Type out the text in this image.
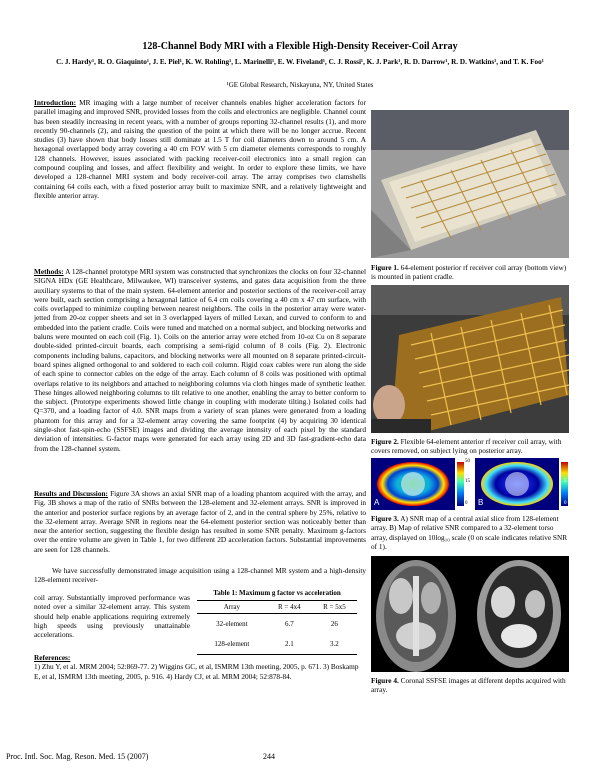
128-Channel Body MRI with a Flexible High-Density Receiver-Coil Array
C. J. Hardy¹, R. O. Giaquinto¹, J. E. Piel¹, K. W. Rohling¹, L. Marinelli¹, E. W. Fiveland¹, C. J. Rossi¹, K. J. Park¹, R. D. Darrow¹, R. D. Watkins¹, and T. K. Foo¹
¹GE Global Research, Niskayuna, NY, United States

Introduction: MR imaging with a large number of receiver channels enables higher acceleration factors for parallel imaging and improved SNR, provided losses from the coils and electronics are negligible. Channel count has been steadily increasing in recent years, with a number of groups reporting 32-channel results (1), and more recently 90-channels (2), and raising the question of the point at which there will be no longer accrue. Recent studies (3) have shown that body losses still dominate at 1.5 T for coil diameters down to around 5 cm. A hexagonal overlapped body array covering a 40 cm FOV with 5 cm diameter elements corresponds to roughly 128 channels. However, issues associated with packing receiver-coil electronics into a small region can compound coupling and losses, and affect flexibility and weight. In order to explore these limits, we have developed a 128-channel MRI system and body receiver-coil array. The array comprises two clamshells containing 64 coils each, with a fixed posterior array built to maximize SNR, and a relatively lightweight and flexible anterior array.

Methods: A 128-channel prototype MRI system was constructed that synchronizes the clocks on four 32-channel SIGNA HDx (GE Healthcare, Milwaukee, WI) transceiver systems, and gates data acquisition from the three auxiliary systems to that of the main system. 64-element anterior and posterior sections of the receiver-coil array were built, each section comprising a hexagonal lattice of 6.4 cm coils covering a 40 cm x 47 cm surface, with coils overlapped to minimize coupling between nearest neighbors. The coils in the posterior array were water-jetted from 20-oz copper sheets and set in 3 overlapped layers of milled Lexan, and curved to conform to and embedded into the patient cradle. Coils were tuned and matched on a normal subject, and blocking networks and baluns were mounted on each coil (Fig. 1). Coils on the anterior array were etched from 10-oz Cu on 8 separate double-sided printed-circuit boards, each comprising a semi-rigid column of 8 coils (Fig. 2). Electronic components including baluns, capacitors, and blocking networks were all mounted on 8 separate printed-circuit-board spines aligned orthogonal to and soldered to each coil column. Rigid coax cables were run along the side of each spine to connector cables on the edge of the array. Each column of 8 coils was positioned with optimal overlaps relative to its neighbors and attached to neighboring columns via cloth hinges made of synthetic leather. These hinges allowed neighboring columns to tilt relative to one another, enabling the array to better conform to the subject. (Prototype experiments showed little change in coupling with moderate tilting.) Isolated coils had Q=370, and a loading factor of 4.0. SNR maps from a variety of scan planes were generated from a loading phantom for this array and for a 32-element array covering the same footprint (4) by acquiring 30 identical single-shot fast-spin-echo (SSFSE) images and dividing the average intensity of each pixel by the standard deviation of intensities. G-factor maps were generated for each array using 2D and 3D fast-gradient-echo data from the 128-channel system.

Results and Discussion: Figure 3A shows an axial SNR map of a loading phantom acquired with the array, and Fig. 3B shows a map of the ratio of SNRs between the 128-element and 32-element arrays. SNR is improved in the anterior and posterior surface regions by an average factor of 2, and in the central sphere by 25%, relative to the 32-element array. Average SNR in regions near the 64-element posterior section was noticeably better than near the anterior section, suggesting the flexible design has resulted in some SNR penalty. Maximum g-factors over the entire volume are given in Table 1, for two different 2D acceleration factors. Substantial improvements are seen for 128 channels.

We have successfully demonstrated image acquisition using a 128-channel MR system and a high-density 128-element receiver-

coil array. Substantially improved performance was noted over a similar 32-element array. This system should help enable applications requiring extremely high speeds using previously unattainable accelerations.

Table 1: Maximum g factor vs acceleration		
Array	R = 4x4	R = 5x5
32-element	6.7	26
128-element	2.1	3.2

References:
1) Zhu Y, et al. MRM 2004; 52:869-77. 2) Wiggins GC, et al, ISMRM 13th meeting, 2005, p. 671. 3) Boskamp E, et al, ISMRM 13th meeting, 2005, p. 916. 4) Hardy CJ, et al. MRM 2004; 52:878-84.

Figure 1. 64-element posterior rf receiver coil array (bottom view) is mounted in patient cradle.

Figure 2. Flexible 64-element anterior rf receiver coil array, with covers removed, on subject lying on posterior array.

A	B
50
15
0
10
5
0

Figure 3. A) SNR map of a central axial slice from 128-element array. B) Map of relative SNR compared to a 32-element torso array, displayed on 10log₁₀ scale (0 on scale indicates relative SNR of 1).

Figure 4. Coronal SSFSE images at different depths acquired with array.

Proc. Intl. Soc. Mag. Reson. Med. 15 (2007)	244
